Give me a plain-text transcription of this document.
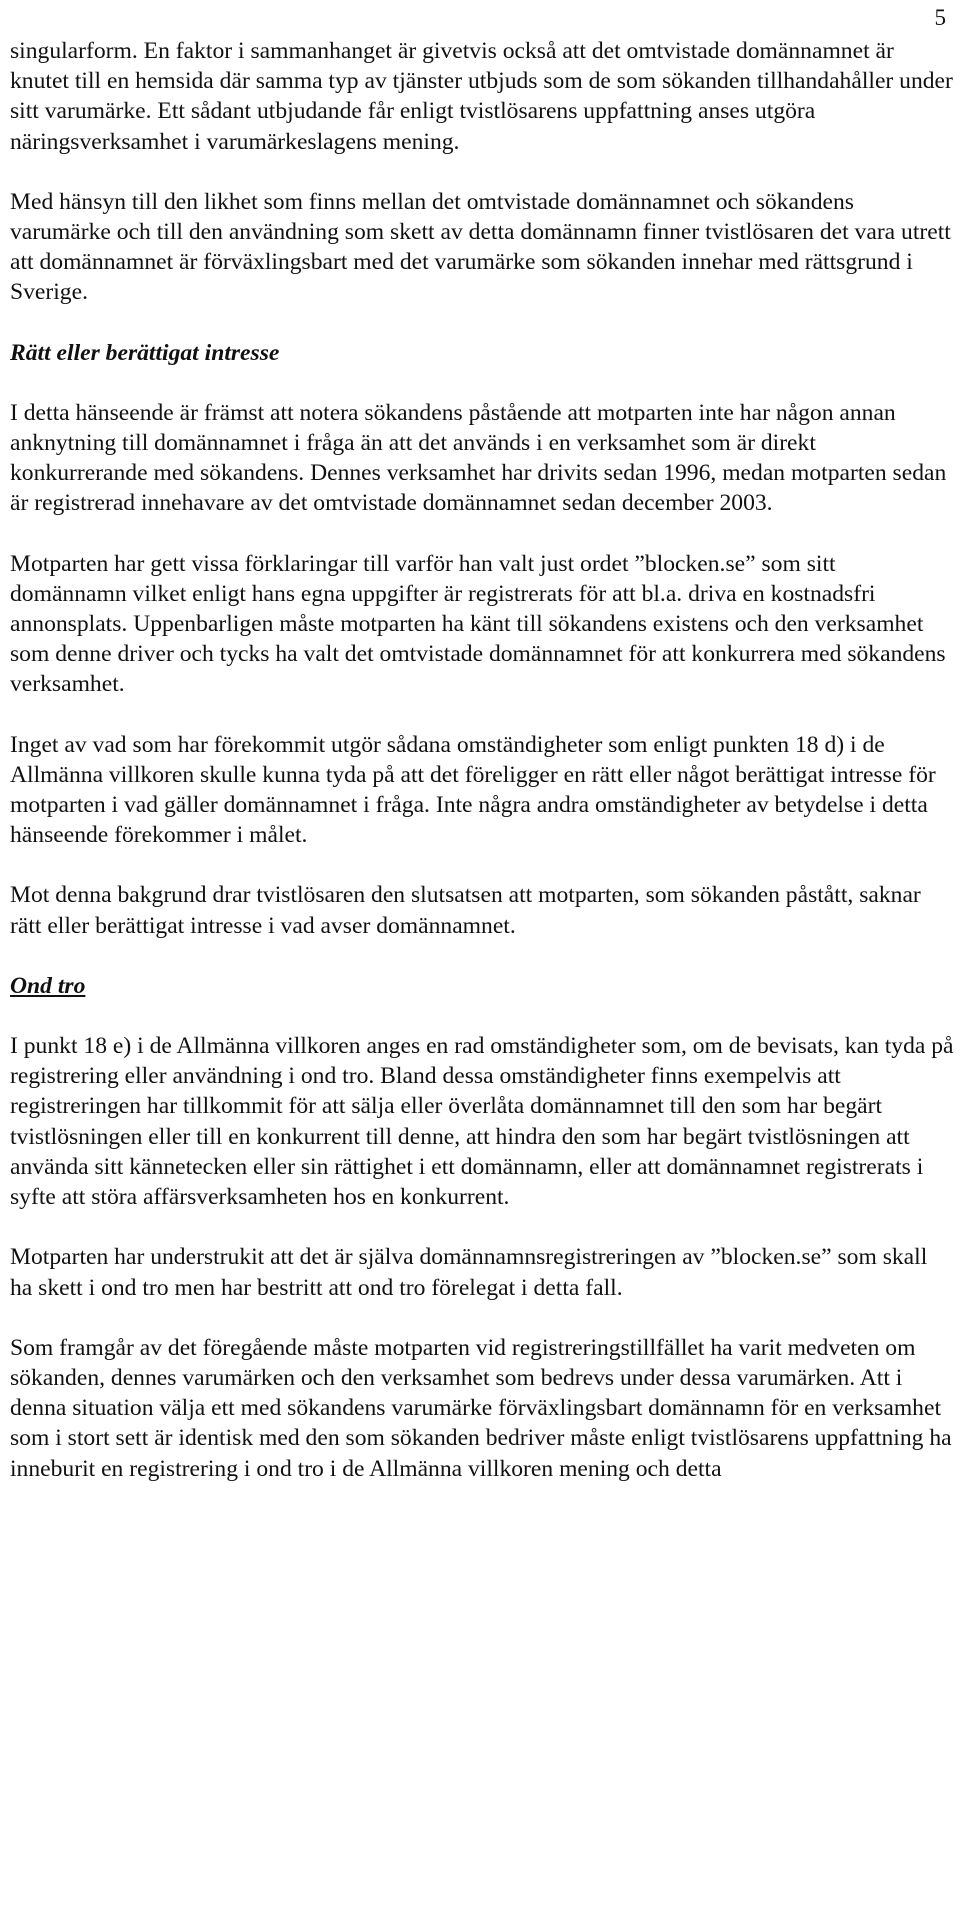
5

singularform. En faktor i sammanhanget är givetvis också att det omtvistade domännamnet är knutet till en hemsida där samma typ av tjänster utbjuds som de som sökanden tillhandahåller under sitt varumärke. Ett sådant utbjudande får enligt tvistlösarens uppfattning anses utgöra näringsverksamhet i varumärkeslagens mening.

Med hänsyn till den likhet som finns mellan det omtvistade domännamnet och sökandens varumärke och till den användning som skett av detta domännamn finner tvistlösaren det vara utrett att domännamnet är förväxlingsbart med det varumärke som sökanden innehar med rättsgrund i Sverige.

Rätt eller berättigat intresse

I detta hänseende är främst att notera sökandens påstående att motparten inte har någon annan anknytning till domännamnet i fråga än att det används i en verksamhet som är direkt konkurrerande med sökandens. Dennes verksamhet har drivits sedan 1996, medan motparten sedan är registrerad innehavare av det omtvistade domännamnet sedan december 2003.

Motparten har gett vissa förklaringar till varför han valt just ordet ”blocken.se” som sitt domännamn vilket enligt hans egna uppgifter är registrerats för att bl.a. driva en kostnadsfri annonsplats. Uppenbarligen måste motparten ha känt till sökandens existens och den verksamhet som denne driver och tycks ha valt det omtvistade domännamnet för att konkurrera med sökandens verksamhet.

Inget av vad som har förekommit utgör sådana omständigheter som enligt punkten 18 d) i de Allmänna villkoren skulle kunna tyda på att det föreligger en rätt eller något berättigat intresse för motparten i vad gäller domännamnet i fråga. Inte några andra omständigheter av betydelse i detta hänseende förekommer i målet.

Mot denna bakgrund drar tvistlösaren den slutsatsen att motparten, som sökanden påstått, saknar rätt eller berättigat intresse i vad avser domännamnet.

Ond tro

I punkt 18 e) i de Allmänna villkoren anges en rad omständigheter som, om de bevisats, kan tyda på registrering eller användning i ond tro. Bland dessa omständigheter finns exempelvis att registreringen har tillkommit för att sälja eller överlåta domännamnet till den som har begärt tvistlösningen eller till en konkurrent till denne, att hindra den som har begärt tvistlösningen att använda sitt kännetecken eller sin rättighet i ett domännamn, eller att domännamnet registrerats i syfte att störa affärsverksamheten hos en konkurrent.

Motparten har understrukit att det är själva domännamnsregistreringen av ”blocken.se” som skall ha skett i ond tro men har bestritt att ond tro förelegat i detta fall.

Som framgår av det föregående måste motparten vid registreringstillfället ha varit medveten om sökanden, dennes varumärken och den verksamhet som bedrevs under dessa varumärken. Att i denna situation välja ett med sökandens varumärke förväxlingsbart domännamn för en verksamhet som i stort sett är identisk med den som sökanden bedriver måste enligt tvistlösarens uppfattning ha inneburit en registrering i ond tro i de Allmänna villkoren mening och detta
